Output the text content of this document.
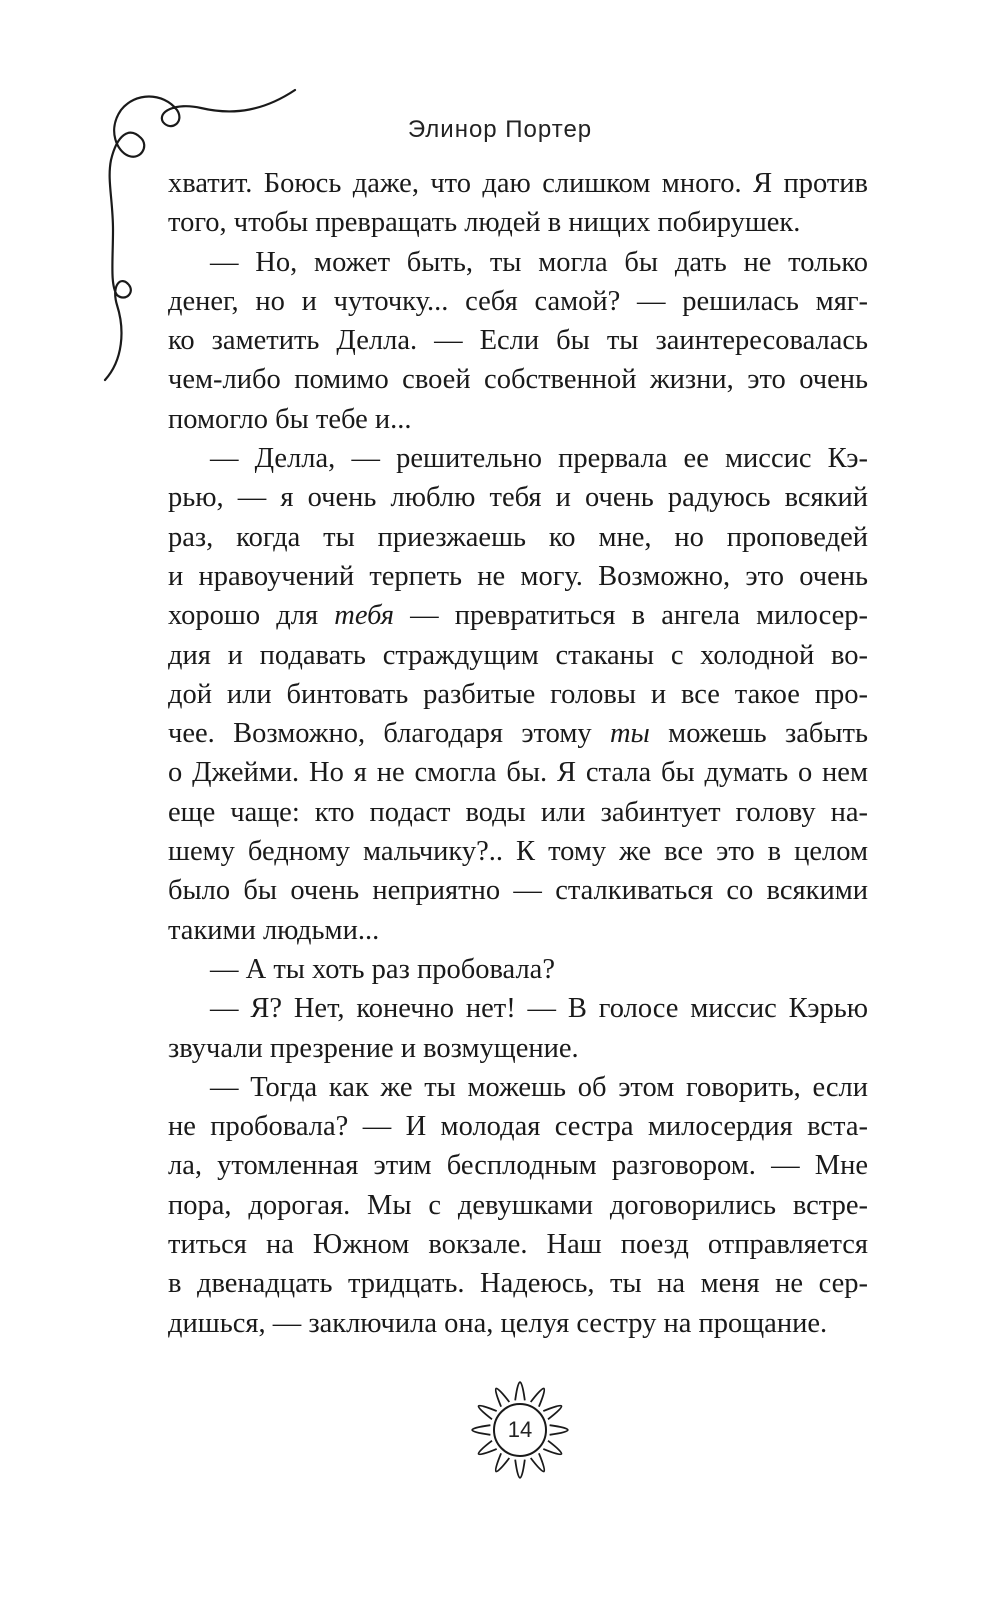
Элинор Портер
хватит. Боюсь даже, что даю слишком много. Я против
того, чтобы превращать людей в нищих побирушек.
— Но, может быть, ты могла бы дать не только
денег, но и чуточку... себя самой? — решилась мяг-
ко заметить Делла. — Если бы ты заинтересовалась
чем-либо помимо своей собственной жизни, это очень
помогло бы тебе и...
— Делла, — решительно прервала ее миссис Кэ-
рью, — я очень люблю тебя и очень радуюсь всякий
раз, когда ты приезжаешь ко мне, но проповедей
и нравоучений терпеть не могу. Возможно, это очень
хорошо для тебя — превратиться в ангела милосер-
дия и подавать страждущим стаканы с холодной во-
дой или бинтовать разбитые головы и все такое про-
чее. Возможно, благодаря этому ты можешь забыть
о Джейми. Но я не смогла бы. Я стала бы думать о нем
еще чаще: кто подаст воды или забинтует голову на-
шему бедному мальчику?.. К тому же все это в целом
было бы очень неприятно — сталкиваться со всякими
такими людьми...
— А ты хоть раз пробовала?
— Я? Нет, конечно нет! — В голосе миссис Кэрью
звучали презрение и возмущение.
— Тогда как же ты можешь об этом говорить, если
не пробовала? — И молодая сестра милосердия вста-
ла, утомленная этим бесплодным разговором. — Мне
пора, дорогая. Мы с девушками договорились встре-
титься на Южном вокзале. Наш поезд отправляется
в двенадцать тридцать. Надеюсь, ты на меня не сер-
дишься, — заключила она, целуя сестру на прощание.
14
